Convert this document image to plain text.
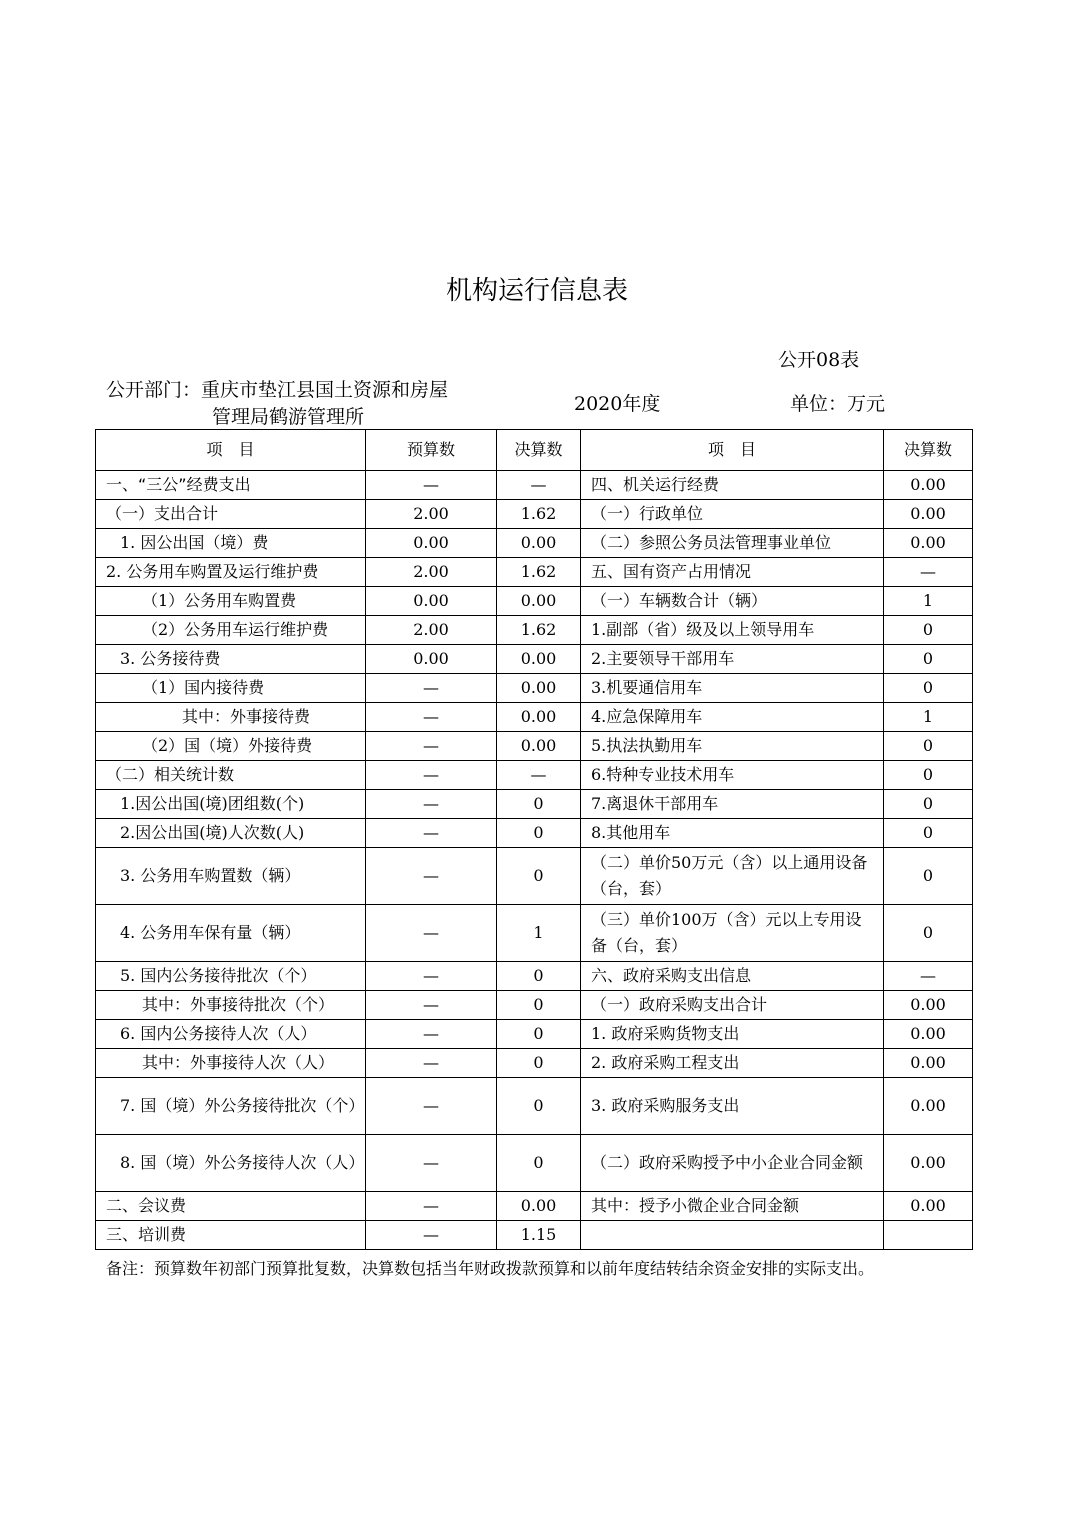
机构运行信息表
公开08表
公开部门：重庆市垫江县国土资源和房屋
管理局鹤游管理所
2020年度	单位：万元
项　目	预算数	决算数	项　目	决算数
一、“三公”经费支出	—	—	四、机关运行经费	0.00
（一）支出合计	2.00	1.62	（一）行政单位	0.00
1. 因公出国（境）费	0.00	0.00	（二）参照公务员法管理事业单位	0.00
2. 公务用车购置及运行维护费	2.00	1.62	五、国有资产占用情况	—
（1）公务用车购置费	0.00	0.00	（一）车辆数合计（辆）	1
（2）公务用车运行维护费	2.00	1.62	1.副部（省）级及以上领导用车	0
3. 公务接待费	0.00	0.00	2.主要领导干部用车	0
（1）国内接待费	—	0.00	3.机要通信用车	0
其中：外事接待费	—	0.00	4.应急保障用车	1
（2）国（境）外接待费	—	0.00	5.执法执勤用车	0
（二）相关统计数	—	—	6.特种专业技术用车	0
1.因公出国(境)团组数(个)	—	0	7.离退休干部用车	0
2.因公出国(境)人次数(人)	—	0	8.其他用车	0
3. 公务用车购置数（辆）	—	0	（二）单价50万元（含）以上通用设备（台，套）	0
4. 公务用车保有量（辆）	—	1	（三）单价100万（含）元以上专用设备（台，套）	0
5. 国内公务接待批次（个）	—	0	六、政府采购支出信息	—
其中：外事接待批次（个）	—	0	（一）政府采购支出合计	0.00
6. 国内公务接待人次（人）	—	0	1. 政府采购货物支出	0.00
其中：外事接待人次（人）	—	0	2. 政府采购工程支出	0.00
7. 国（境）外公务接待批次（个）	—	0	3. 政府采购服务支出	0.00
8. 国（境）外公务接待人次（人）	—	0	（二）政府采购授予中小企业合同金额	0.00
二、会议费	—	0.00	其中：授予小微企业合同金额	0.00
三、培训费	—	1.15		
备注：预算数年初部门预算批复数，决算数包括当年财政拨款预算和以前年度结转结余资金安排的实际支出。
